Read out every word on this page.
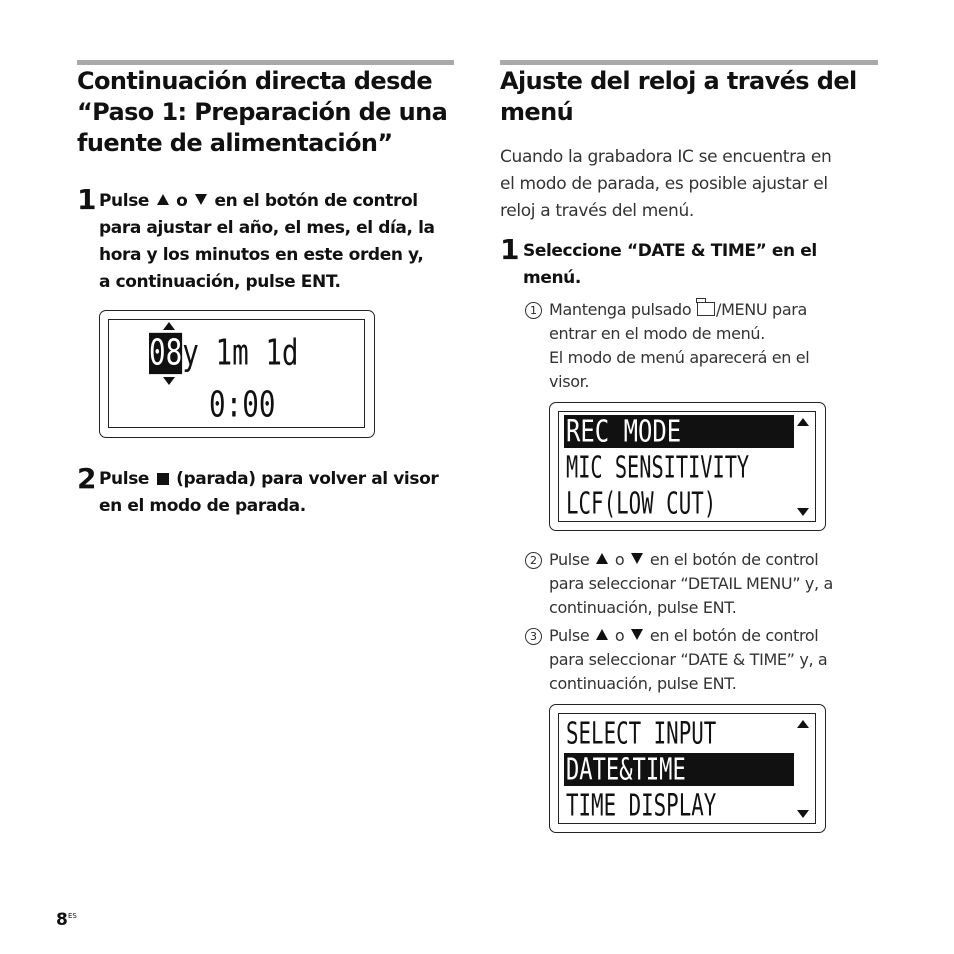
Continuación directa desde
“Paso 1: Preparación de una
fuente de alimentación”
1 Pulse o en el botón de control
para ajustar el año, el mes, el día, la
hora y los minutos en este orden y,
a continuación, pulse ENT.
08y 1m 1d
0:00
2 Pulse (parada) para volver al visor
en el modo de parada.
Ajuste del reloj a través del
menú
Cuando la grabadora IC se encuentra en
el modo de parada, es posible ajustar el
reloj a través del menú.
1 Seleccione “DATE & TIME” en el
menú.
1 Mantenga pulsado /MENU para
entrar en el modo de menú.
El modo de menú aparecerá en el
visor.
REC MODE
MIC SENSITIVITY
LCF(LOW CUT)
2 Pulse o en el botón de control
para seleccionar “DETAIL MENU” y, a
continuación, pulse ENT.
3 Pulse o en el botón de control
para seleccionar “DATE & TIME” y, a
continuación, pulse ENT.
SELECT INPUT
DATE&TIME
TIME DISPLAY
8 ES
